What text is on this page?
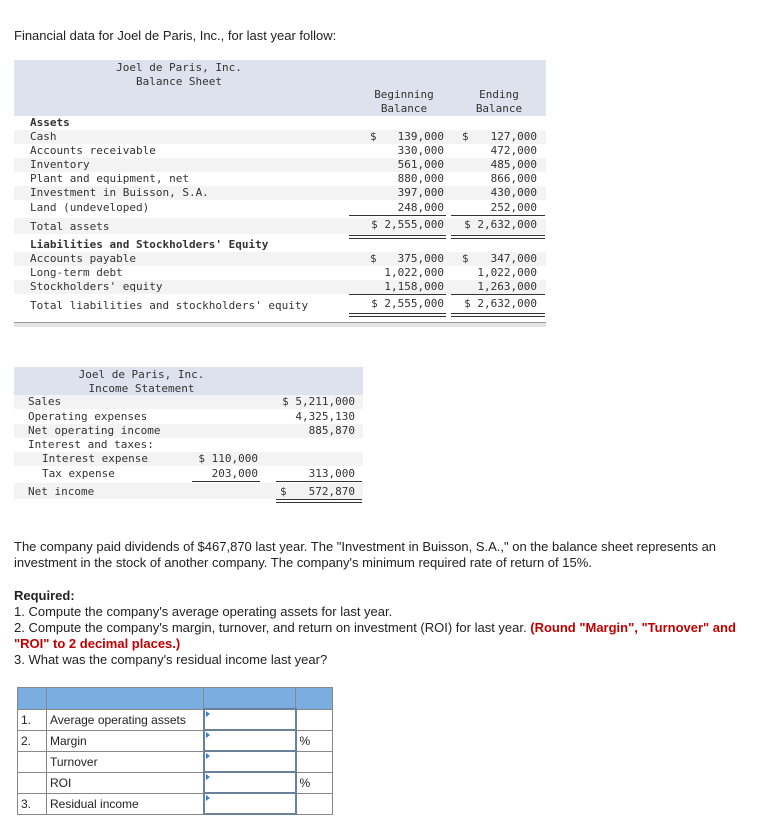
Financial data for Joel de Paris, Inc., for last year follow:
Joel de Paris, Inc.
Balance Sheet
Beginning
Balance
Ending
Balance
Assets
Cash	$ 139,000 $ 127,000
Accounts receivable	330,000	472,000
Inventory	561,000	485,000
Plant and equipment, net	880,000	866,000
Investment in Buisson, S.A.	397,000	430,000
Land (undeveloped)	248,000	252,000
Total assets	$ 2,555,000 $ 2,632,000
Liabilities and Stockholders' Equity
Accounts payable	$ 375,000 $ 347,000
Long-term debt	1,022,000	1,022,000
Stockholders' equity	1,158,000	1,263,000
Total liabilities and stockholders' equity	$ 2,555,000 $ 2,632,000
Joel de Paris, Inc.
Income Statement
Sales	$ 5,211,000
Operating expenses	4,325,130
Net operating income	885,870
Interest and taxes:
Interest expense	$ 110,000
Tax expense	203,000	313,000
Net income	$ 572,870
The company paid dividends of $467,870 last year. The "Investment in Buisson, S.A.," on the balance sheet represents an investment in the stock of another company. The company's minimum required rate of return of 15%.
Required:
1. Compute the company's average operating assets for last year.
2. Compute the company's margin, turnover, and return on investment (ROI) for last year. (Round "Margin", "Turnover" and "ROI" to 2 decimal places.)
3. What was the company's residual income last year?

1.	Average operating assets	

2.	Margin		%
	Turnover	

	ROI		%
3.	Residual income	
